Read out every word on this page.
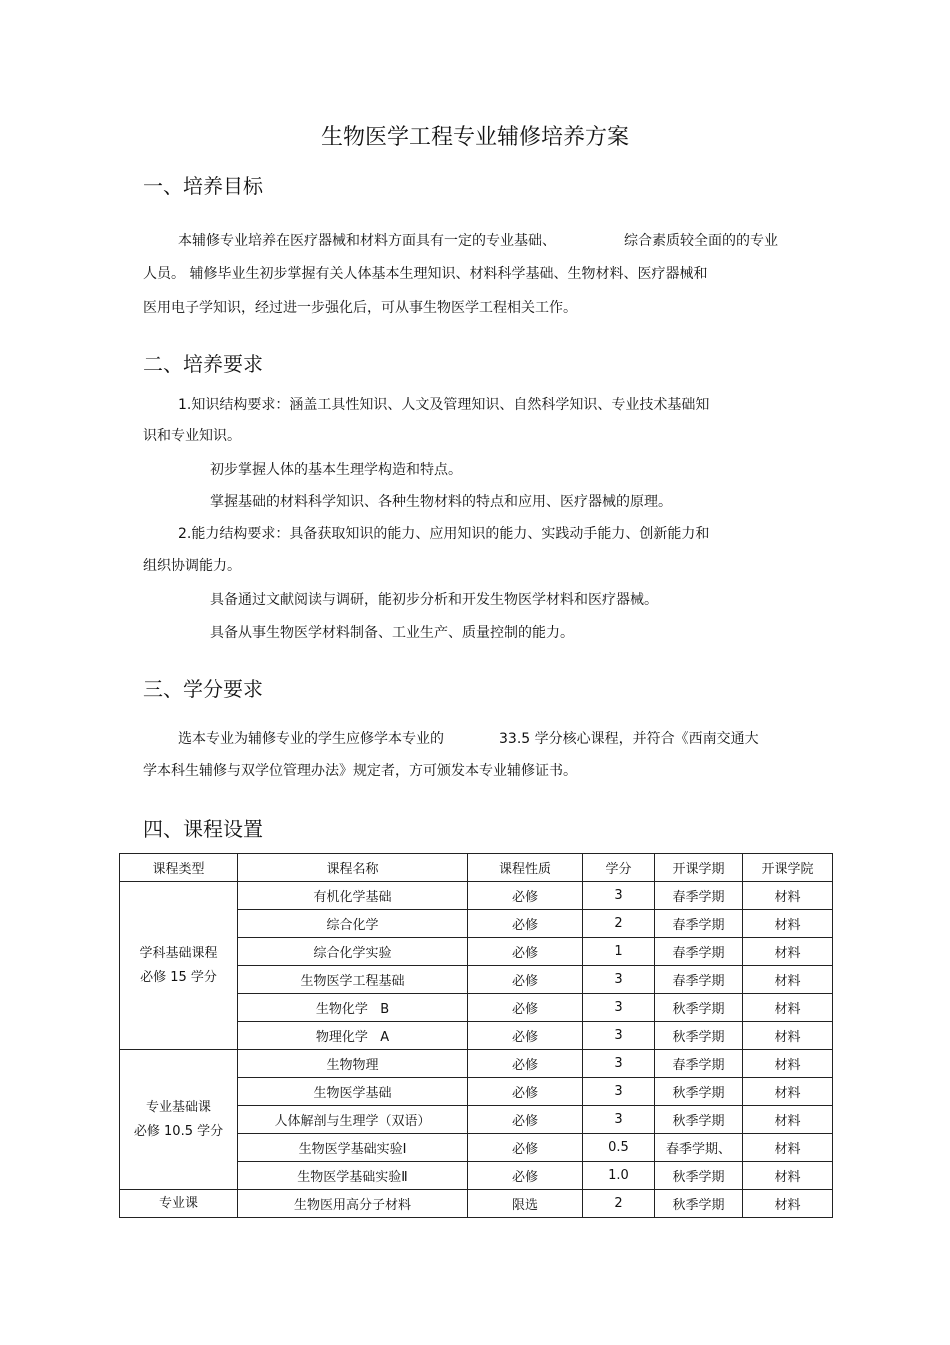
生物医学工程专业辅修培养方案
一、培养目标
本辅修专业培养在医疗器械和材料方面具有一定的专业基础、	综合素质较全面的的专业
人员。 辅修毕业生初步掌握有关人体基本生理知识、材料科学基础、生物材料、医疗器械和
医用电子学知识，经过进一步强化后，可从事生物医学工程相关工作。
二、培养要求
1.知识结构要求：涵盖工具性知识、人文及管理知识、自然科学知识、专业技术基础知
识和专业知识。
初步掌握人体的基本生理学构造和特点。
掌握基础的材料科学知识、各种生物材料的特点和应用、医疗器械的原理。
2.能力结构要求：具备获取知识的能力、应用知识的能力、实践动手能力、创新能力和
组织协调能力。
具备通过文献阅读与调研，能初步分析和开发生物医学材料和医疗器械。
具备从事生物医学材料制备、工业生产、质量控制的能力。
三、学分要求
选本专业为辅修专业的学生应修学本专业的	33.5 学分核心课程，并符合《西南交通大
学本科生辅修与双学位管理办法》规定者，方可颁发本专业辅修证书。
四、课程设置
课程类型	课程名称	课程性质	学分	开课学期	开课学院

学科基础课程
必修 15 学分	有机化学基础	必修	3	春季学期	材料
	综合化学	必修	2	春季学期	材料
	综合化学实验	必修	1	春季学期	材料
	生物医学工程基础	必修	3	春季学期	材料
	生物化学   B	必修	3	秋季学期	材料
	物理化学   A	必修	3	秋季学期	材料

专业基础课
必修 10.5 学分	生物物理	必修	3	春季学期	材料
	生物医学基础	必修	3	秋季学期	材料
	人体解剖与生理学（双语）	必修	3	秋季学期	材料
	生物医学基础实验Ⅰ	必修	0.5	春季学期、	材料
	生物医学基础实验Ⅱ	必修	1.0	秋季学期	材料

专业课	生物医用高分子材料	限选	2	秋季学期	材料
